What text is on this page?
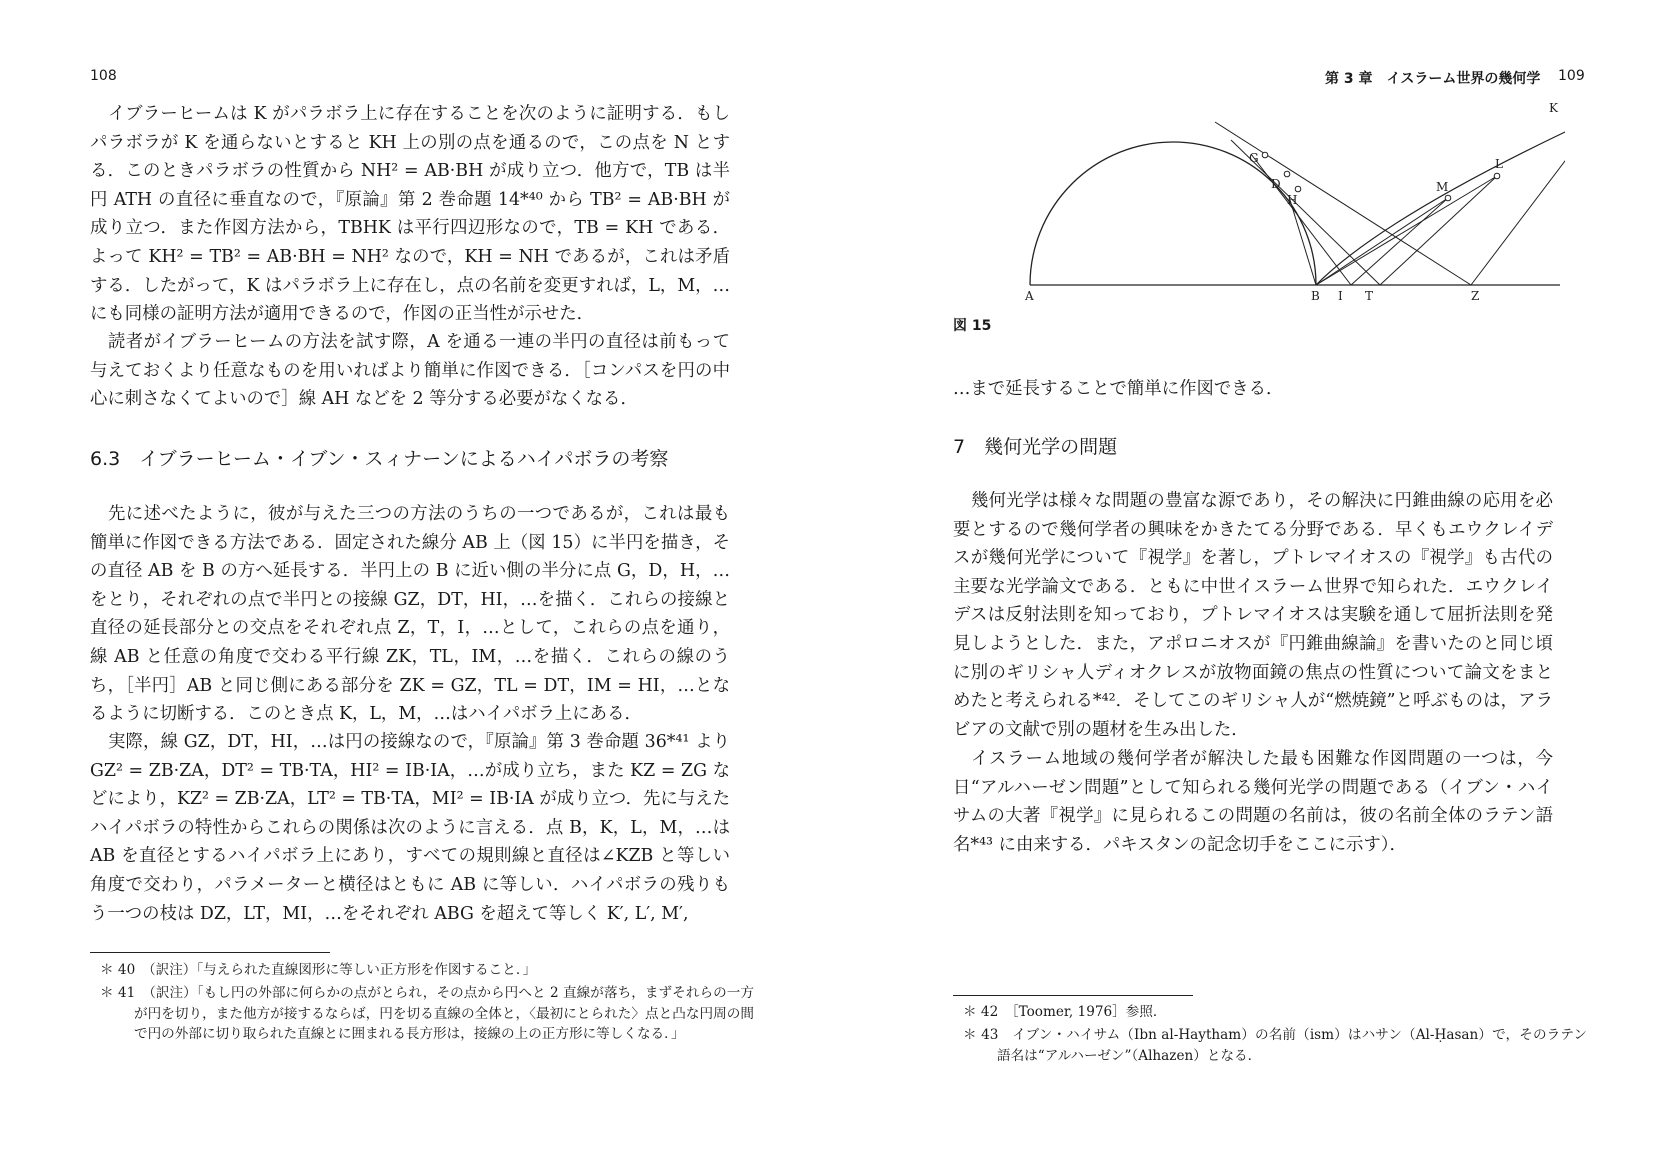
108

イブラーヒームは K がパラボラ上に存在することを次のように証明する．もしパラボラが K を通らないとすると KH 上の別の点を通るので，この点を N とする．このときパラボラの性質から NH² = AB·BH が成り立つ．他方で，TB は半円 ATH の直径に垂直なので，『原論』第 2 巻命題 14*⁴⁰ から TB² = AB·BH が成り立つ．また作図方法から，TBHK は平行四辺形なので，TB = KH である．よって KH² = TB² = AB·BH = NH² なので，KH = NH であるが，これは矛盾する．したがって，K はパラボラ上に存在し，点の名前を変更すれば，L，M，…にも同様の証明方法が適用できるので，作図の正当性が示せた．

読者がイブラーヒームの方法を試す際，A を通る一連の半円の直径は前もって与えておくより任意なものを用いればより簡単に作図できる．［コンパスを円の中心に刺さなくてよいので］線 AH などを 2 等分する必要がなくなる．

6.3　イブラーヒーム・イブン・スィナーンによるハイパボラの考察

先に述べたように，彼が与えた三つの方法のうちの一つであるが，これは最も簡単に作図できる方法である．固定された線分 AB 上（図 15）に半円を描き，その直径 AB を B の方へ延長する．半円上の B に近い側の半分に点 G，D，H，…をとり，それぞれの点で半円との接線 GZ，DT，HI，…を描く．これらの接線と直径の延長部分との交点をそれぞれ点 Z，T，I，…として，これらの点を通り，線 AB と任意の角度で交わる平行線 ZK，TL，IM，…を描く．これらの線のうち，［半円］AB と同じ側にある部分を ZK = GZ，TL = DT，IM = HI，…となるように切断する．このとき点 K，L，M，…はハイパボラ上にある．

実際，線 GZ，DT，HI，…は円の接線なので，『原論』第 3 巻命題 36*⁴¹ より GZ² = ZB·ZA，DT² = TB·TA，HI² = IB·IA，…が成り立ち，また KZ = ZG などにより，KZ² = ZB·ZA，LT² = TB·TA，MI² = IB·IA が成り立つ．先に与えたハイパボラの特性からこれらの関係は次のように言える．点 B，K，L，M，…は AB を直径とするハイパボラ上にあり，すべての規則線と直径は∠KZB と等しい角度で交わり，パラメーターと横径はともに AB に等しい．ハイパボラの残りもう一つの枝は DZ，LT，MI，…をそれぞれ ABG を超えて等しく K′, L′, M′,

＊ 40　（訳注）「与えられた直線図形に等しい正方形を作図すること．」

＊ 41　（訳注）「もし円の外部に何らかの点がとられ，その点から円へと 2 直線が落ち，まずそれらの一方が円を切り，また他方が接するならば，円を切る直線の全体と，〈最初にとられた〉点と凸な円周の間で円の外部に切り取られた直線とに囲まれる長方形は，接線の上の正方形に等しくなる．」

第 3 章　イスラーム世界の幾何学 109
A	B I T	Z
G
D
H
M
L
K
図 15

…まで延長することで簡単に作図できる．

7　幾何光学の問題

幾何光学は様々な問題の豊富な源であり，その解決に円錐曲線の応用を必要とするので幾何学者の興味をかきたてる分野である．早くもエウクレイデスが幾何光学について『視学』を著し，プトレマイオスの『視学』も古代の主要な光学論文である．ともに中世イスラーム世界で知られた．エウクレイデスは反射法則を知っており，プトレマイオスは実験を通して屈折法則を発見しようとした．また，アポロニオスが『円錐曲線論』を書いたのと同じ頃に別のギリシャ人ディオクレスが放物面鏡の焦点の性質について論文をまとめたと考えられる*⁴²．そしてこのギリシャ人が“燃焼鏡”と呼ぶものは，アラビアの文献で別の題材を生み出した．

イスラーム地域の幾何学者が解決した最も困難な作図問題の一つは，今日“アルハーゼン問題”として知られる幾何光学の問題である（イブン・ハイサムの大著『視学』に見られるこの問題の名前は，彼の名前全体のラテン語名*⁴³ に由来する．パキスタンの記念切手をここに示す）．

＊ 42　［Toomer, 1976］参照．

＊ 43　イブン・ハイサム（Ibn al-Haytham）の名前（ism）はハサン（Al-Ḥasan）で，そのラテン語名は“アルハーゼン”（Alhazen）となる．
